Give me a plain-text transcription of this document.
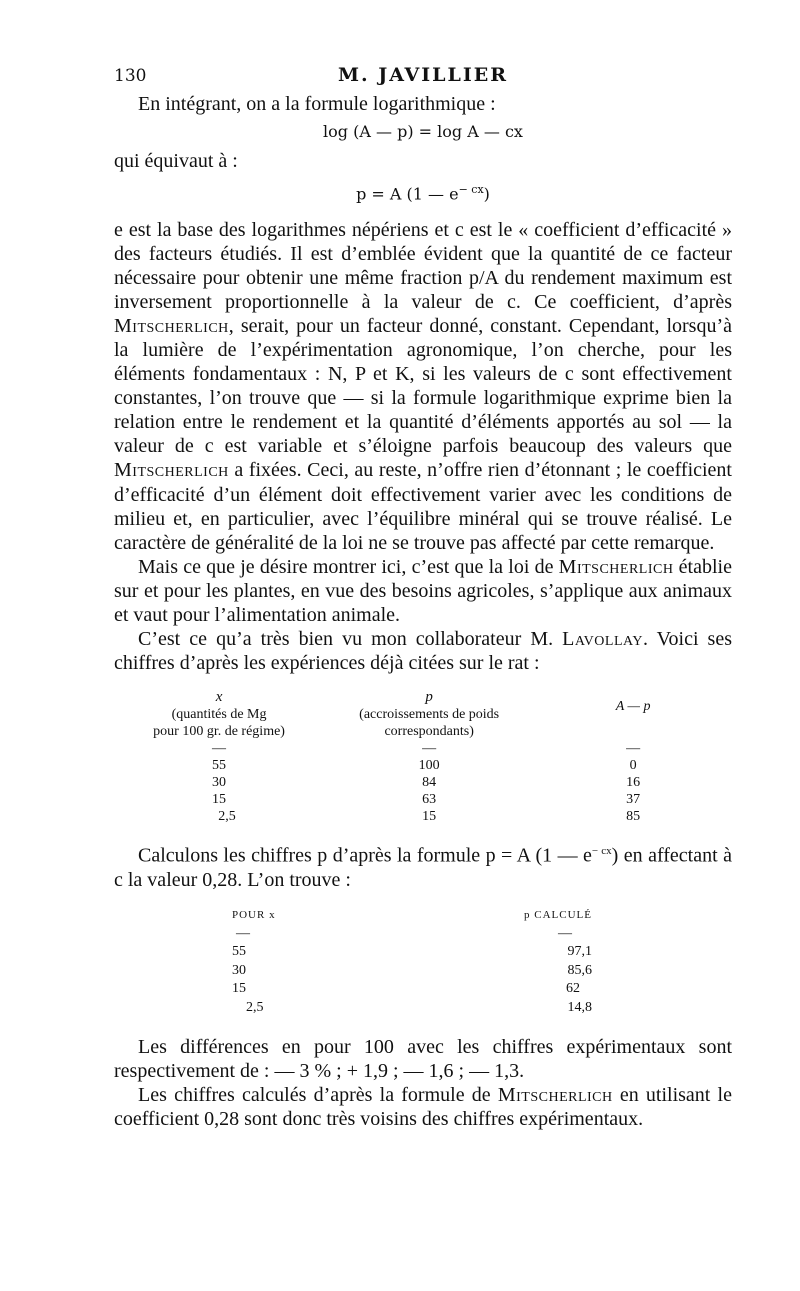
130	M. JAVILLIER

En intégrant, on a la formule logarithmique :

log (A — p) = log A — cx

qui équivaut à :

p = A (1 — $e^{- cx}$)

e est la base des logarithmes népériens et c est le « coefficient d’efficacité » des facteurs étudiés. Il est d’emblée évident que la quantité de ce facteur nécessaire pour obtenir une même fraction p/A du rendement maximum est inversement proportionnelle à la valeur de c. Ce coefficient, d’après Mitscherlich, serait, pour un facteur donné, constant. Cependant, lorsqu’à la lumière de l’expérimentation agronomique, l’on cherche, pour les éléments fondamentaux : N, P et K, si les valeurs de c sont effectivement constantes, l’on trouve que — si la formule logarithmique exprime bien la relation entre le rendement et la quantité d’éléments apportés au sol — la valeur de c est variable et s’éloigne parfois beaucoup des valeurs que Mitscherlich a fixées. Ceci, au reste, n’offre rien d’étonnant ; le coefficient d’efficacité d’un élément doit effectivement varier avec les conditions de milieu et, en particulier, avec l’équilibre minéral qui se trouve réalisé. Le caractère de généralité de la loi ne se trouve pas affecté par cette remarque.

Mais ce que je désire montrer ici, c’est que la loi de Mitscherlich établie sur et pour les plantes, en vue des besoins agricoles, s’applique aux animaux et vaut pour l’alimentation animale.

C’est ce qu’a très bien vu mon collaborateur M. Lavollay. Voici ses chiffres d’après les expériences déjà citées sur le rat :

x	p	A — p
(quantités de Mg	(accroissements de poids	
pour 100 gr. de régime)	correspondants)	
—	—	—
55	100	0
30	84	16
15	63	37
2,5	15	85

Calculons les chiffres p d’après la formule p = A (1 — $e^{- cx}$) en affectant à c la valeur 0,28. L’on trouve :

POUR x	p CALCULÉ
—	—
55	97,1
30	85,6
15	62
2,5	14,8

Les différences en pour 100 avec les chiffres expérimentaux sont respectivement de : — 3 % ; + 1,9 ; — 1,6 ; — 1,3.

Les chiffres calculés d’après la formule de Mitscherlich en utilisant le coefficient 0,28 sont donc très voisins des chiffres expérimentaux.
